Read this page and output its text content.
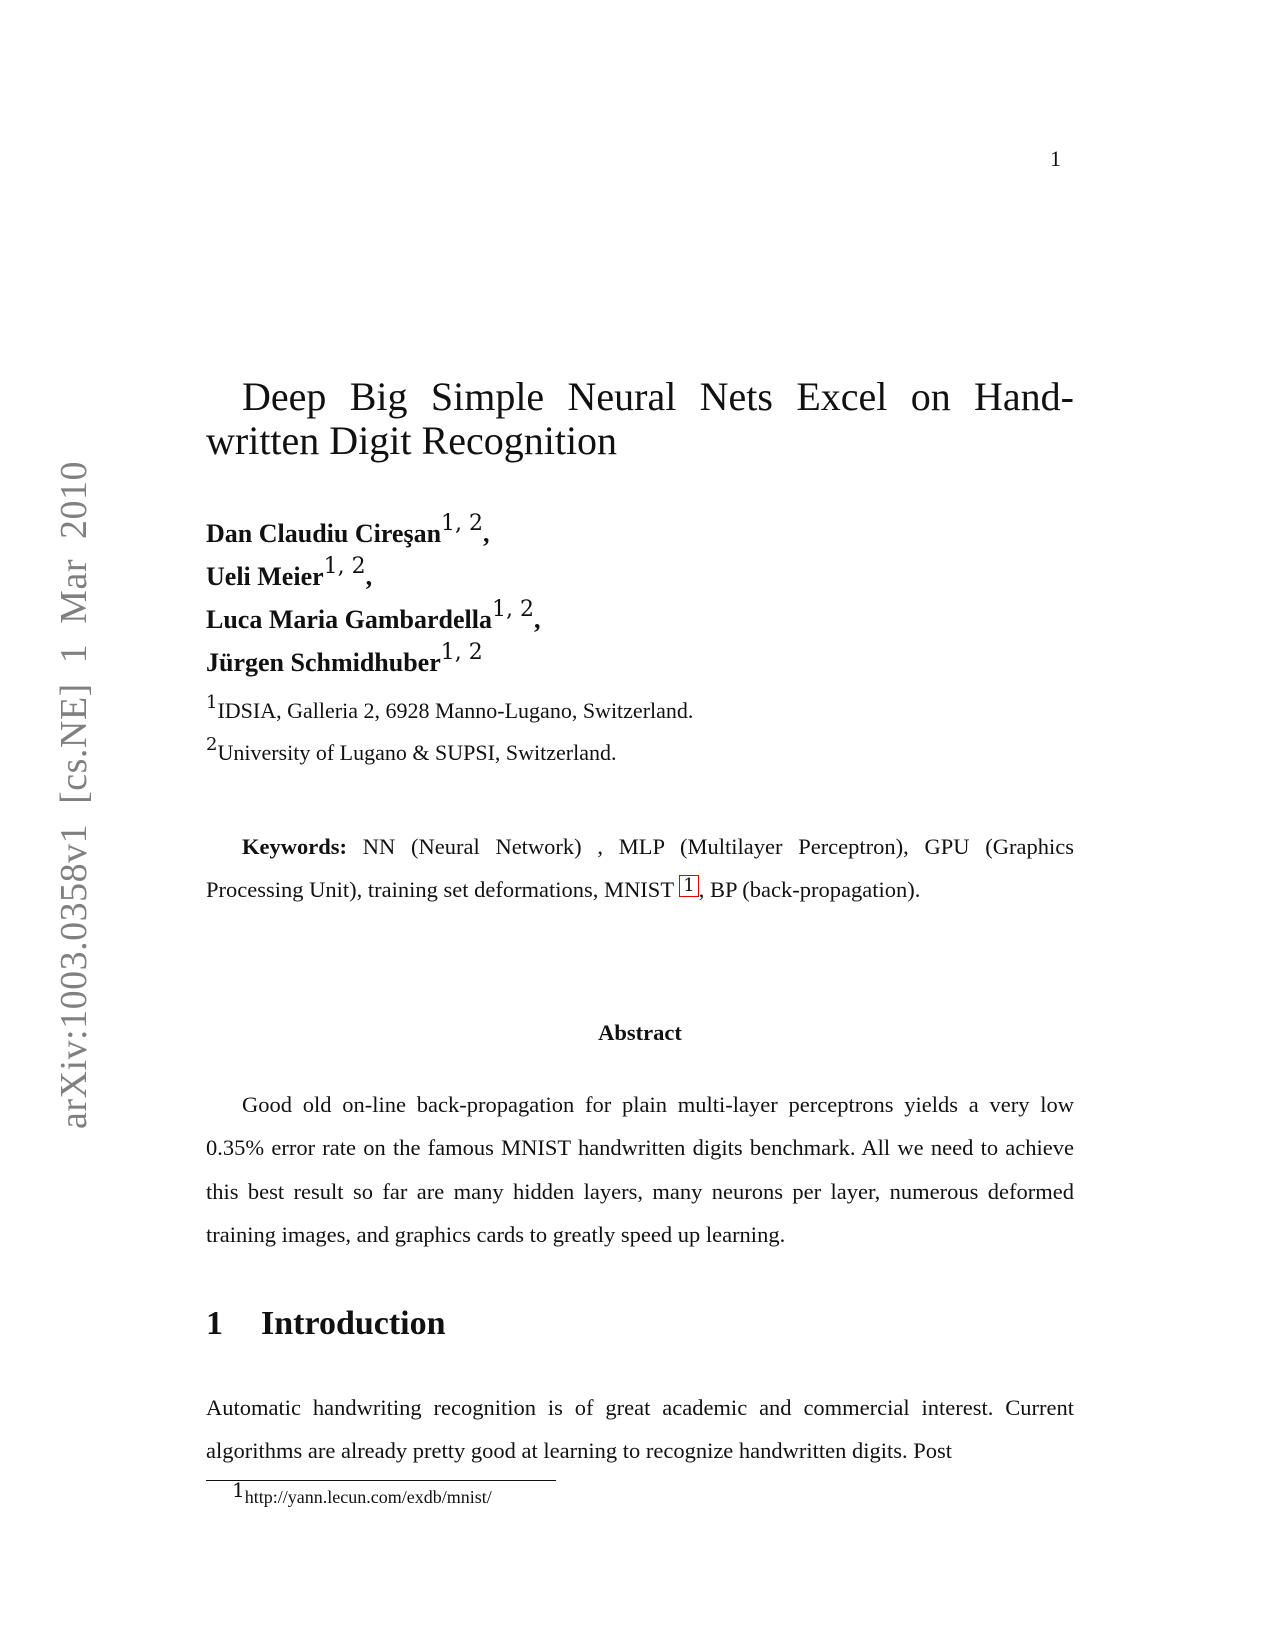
1
arXiv:1003.0358v1 [cs.NE] 1 Mar 2010
Deep Big Simple Neural Nets Excel on Hand-
written Digit Recognition
Dan Claudiu Cireşan$^{1, 2}$,
Ueli Meier$^{1, 2}$,
Luca Maria Gambardella$^{1, 2}$,
Jürgen Schmidhuber$^{1, 2}$
$^1$IDSIA, Galleria 2, 6928 Manno-Lugano, Switzerland.
$^2$University of Lugano & SUPSI, Switzerland.

Keywords: NN (Neural Network) , MLP (Multilayer Perceptron), GPU (Graphics Processing Unit), training set deformations, MNIST 1 , BP (back-propagation).

Abstract

Good old on-line back-propagation for plain multi-layer perceptrons yields a very low 0.35% error rate on the famous MNIST handwritten digits benchmark. All we need to achieve this best result so far are many hidden layers, many neurons per layer, numerous deformed training images, and graphics cards to greatly speed up learning.

1 Introduction

Automatic handwriting recognition is of great academic and commercial interest. Current algorithms are already pretty good at learning to recognize handwritten digits. Post

1http://yann.lecun.com/exdb/mnist/
